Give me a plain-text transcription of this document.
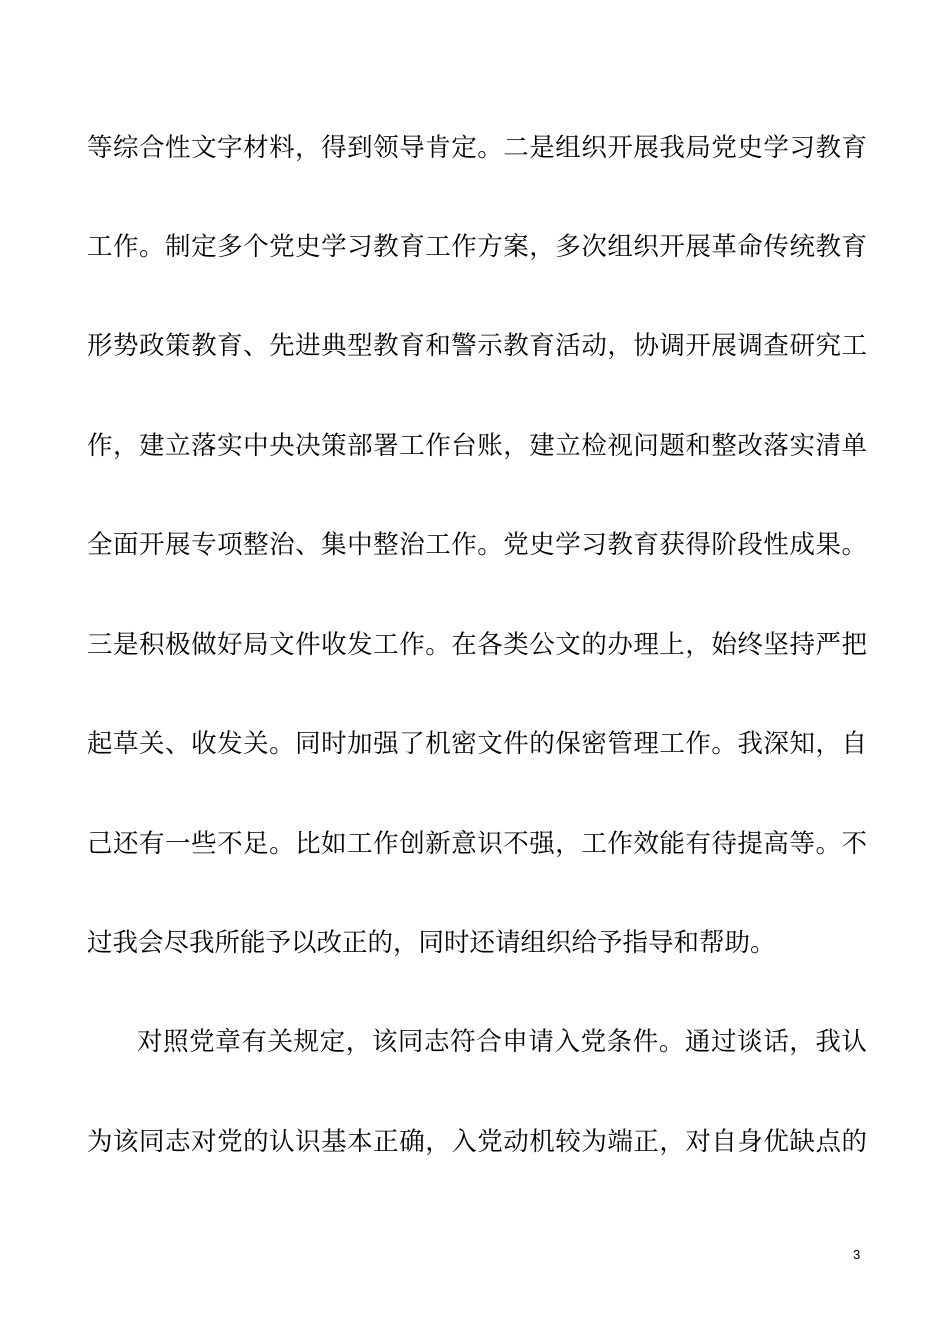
等综合性文字材料，得到领导肯定。二是组织开展我局党史学习教育
工作。制定多个党史学习教育工作方案，多次组织开展革命传统教育
形势政策教育、先进典型教育和警示教育活动，协调开展调查研究工
作，建立落实中央决策部署工作台账，建立检视问题和整改落实清单
全面开展专项整治、集中整治工作。党史学习教育获得阶段性成果。
三是积极做好局文件收发工作。在各类公文的办理上，始终坚持严把
起草关、收发关。同时加强了机密文件的保密管理工作。我深知，自
己还有一些不足。比如工作创新意识不强，工作效能有待提高等。不
过我会尽我所能予以改正的，同时还请组织给予指导和帮助。
对照党章有关规定，该同志符合申请入党条件。通过谈话，我认
为该同志对党的认识基本正确，入党动机较为端正，对自身优缺点的
3
